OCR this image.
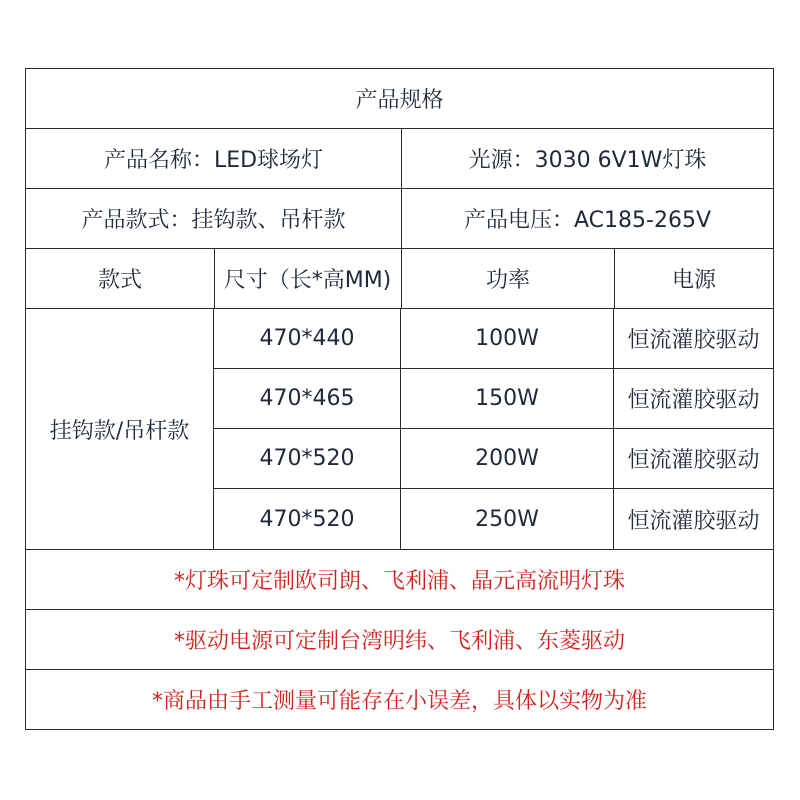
产品规格
产品名称：LED球场灯	光源：3030 6V1W灯珠
产品款式：挂钩款、吊杆款	产品电压：AC185-265V
款式	尺寸（长*高MM)	功率	电源
挂钩款/吊杆款
470*440	100W	恒流灌胶驱动
470*465	150W	恒流灌胶驱动
470*520	200W	恒流灌胶驱动
470*520	250W	恒流灌胶驱动
*灯珠可定制欧司朗、飞利浦、晶元高流明灯珠
*驱动电源可定制台湾明纬、飞利浦、东菱驱动
*商品由手工测量可能存在小误差，具体以实物为准
